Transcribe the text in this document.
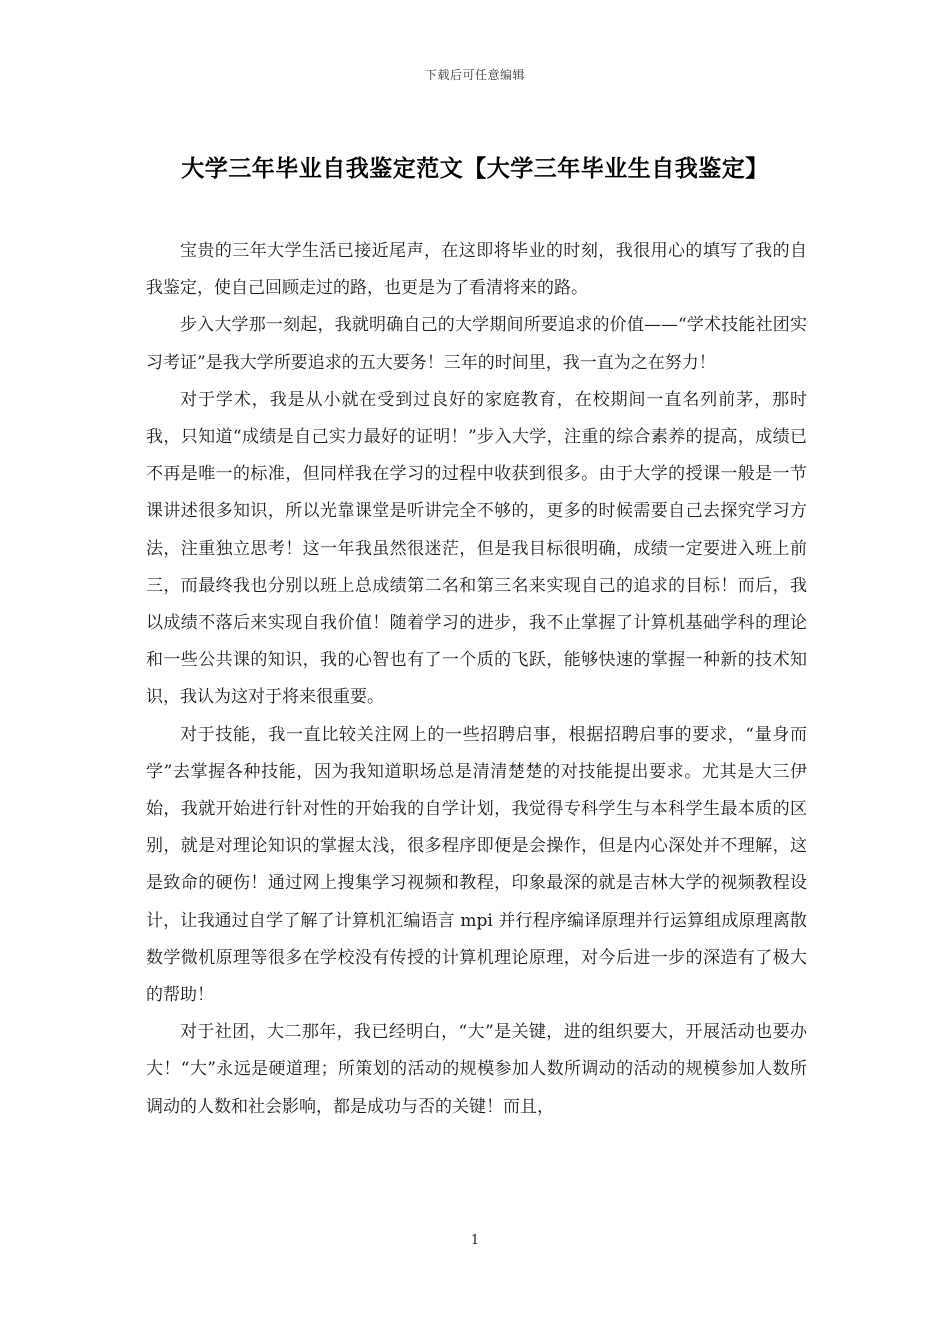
下载后可任意编辑
大学三年毕业自我鉴定范文【大学三年毕业生自我鉴定】

宝贵的三年大学生活已接近尾声，在这即将毕业的时刻，我很用心的填写了我的自我鉴定，使自己回顾走过的路，也更是为了看清将来的路。

步入大学那一刻起，我就明确自己的大学期间所要追求的价值——“学术技能社团实习考证”是我大学所要追求的五大要务！三年的时间里，我一直为之在努力！

对于学术，我是从小就在受到过良好的家庭教育，在校期间一直名列前茅，那时我，只知道“成绩是自己实力最好的证明！”步入大学，注重的综合素养的提高，成绩已不再是唯一的标准，但同样我在学习的过程中收获到很多。由于大学的授课一般是一节课讲述很多知识，所以光靠课堂是听讲完全不够的，更多的时候需要自己去探究学习方法，注重独立思考！这一年我虽然很迷茫，但是我目标很明确，成绩一定要进入班上前三，而最终我也分别以班上总成绩第二名和第三名来实现自己的追求的目标！而后，我以成绩不落后来实现自我价值！随着学习的进步，我不止掌握了计算机基础学科的理论和一些公共课的知识，我的心智也有了一个质的飞跃，能够快速的掌握一种新的技术知识，我认为这对于将来很重要。

对于技能，我一直比较关注网上的一些招聘启事，根据招聘启事的要求，“量身而学”去掌握各种技能，因为我知道职场总是清清楚楚的对技能提出要求。尤其是大三伊始，我就开始进行针对性的开始我的自学计划，我觉得专科学生与本科学生最本质的区别，就是对理论知识的掌握太浅，很多程序即便是会操作，但是内心深处并不理解，这是致命的硬伤！通过网上搜集学习视频和教程，印象最深的就是吉林大学的视频教程设计，让我通过自学了解了计算机汇编语言 mpi 并行程序编译原理并行运算组成原理离散数学微机原理等很多在学校没有传授的计算机理论原理，对今后进一步的深造有了极大的帮助！

对于社团，大二那年，我已经明白，“大”是关键，进的组织要大，开展活动也要办大！“大”永远是硬道理；所策划的活动的规模参加人数所调动的活动的规模参加人数所调动的人数和社会影响，都是成功与否的关键！而且，

1
